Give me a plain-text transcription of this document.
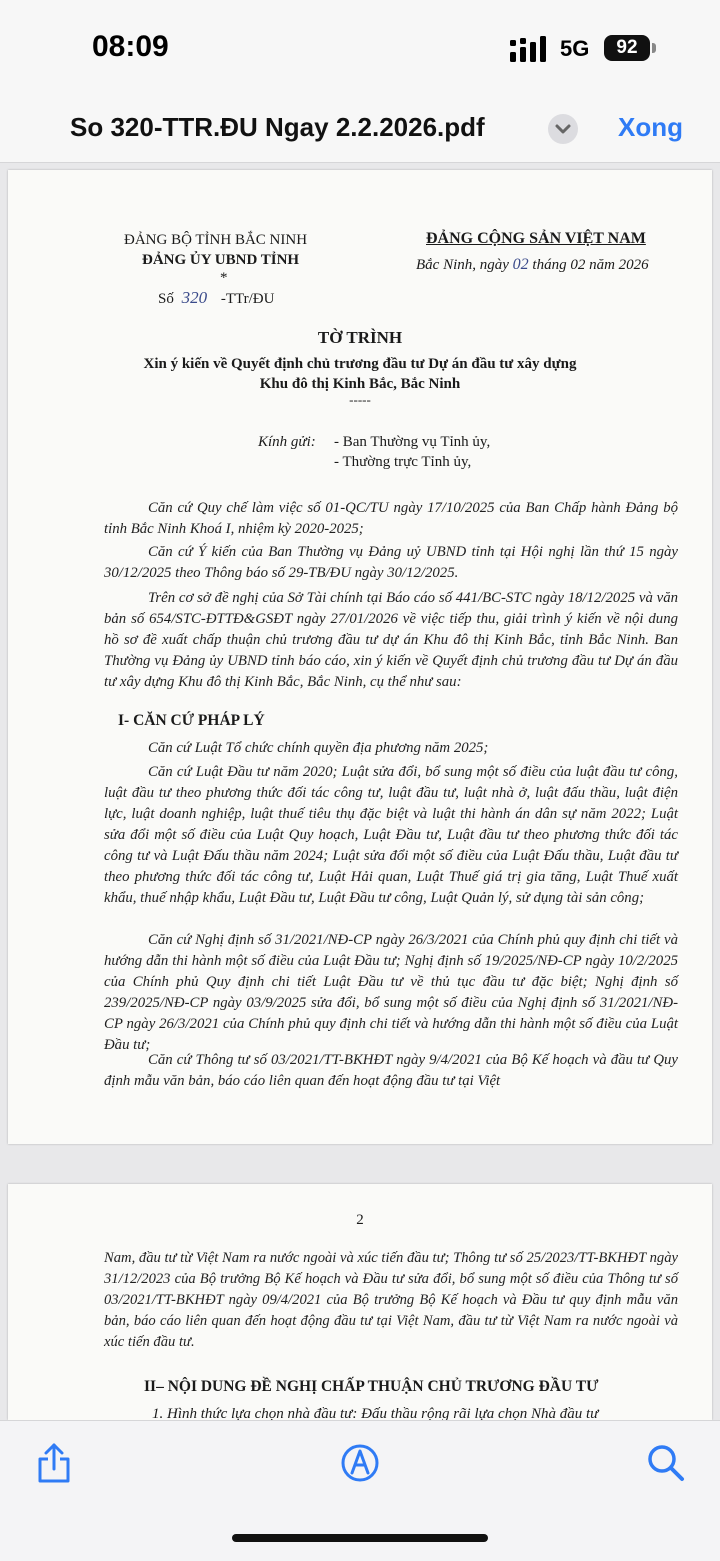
08:09	5G	92
So 320-TTR.ĐU Ngay 2.2.2026.pdf	Xong
ĐẢNG BỘ TỈNH BẮC NINH
ĐẢNG ỦY UBND TỈNH
*
Số 320 -TTr/ĐU
ĐẢNG CỘNG SẢN VIỆT NAM
Bắc Ninh, ngày 02 tháng 02 năm 2026
TỜ TRÌNH
Xin ý kiến về Quyết định chủ trương đầu tư Dự án đầu tư xây dựng
Khu đô thị Kinh Bắc, Bắc Ninh
-----
Kính gửi: - Ban Thường vụ Tỉnh ủy,
- Thường trực Tỉnh ủy,
Căn cứ Quy chế làm việc số 01-QC/TU ngày 17/10/2025 của Ban Chấp hành Đảng bộ tỉnh Bắc Ninh Khoá I, nhiệm kỳ 2020-2025;
Căn cứ Ý kiến của Ban Thường vụ Đảng uỷ UBND tỉnh tại Hội nghị lần thứ 15 ngày 30/12/2025 theo Thông báo số 29-TB/ĐU ngày 30/12/2025.
Trên cơ sở đề nghị của Sở Tài chính tại Báo cáo số 441/BC-STC ngày 18/12/2025 và văn bản số 654/STC-ĐTTĐ&GSĐT ngày 27/01/2026 về việc tiếp thu, giải trình ý kiến về nội dung hồ sơ đề xuất chấp thuận chủ trương đầu tư dự án Khu đô thị Kinh Bắc, tỉnh Bắc Ninh. Ban Thường vụ Đảng ủy UBND tỉnh báo cáo, xin ý kiến về Quyết định chủ trương đầu tư Dự án đầu tư xây dựng Khu đô thị Kinh Bắc, Bắc Ninh, cụ thể như sau:
I- CĂN CỨ PHÁP LÝ
Căn cứ Luật Tổ chức chính quyền địa phương năm 2025;
Căn cứ Luật Đầu tư năm 2020; Luật sửa đổi, bổ sung một số điều của luật đầu tư công, luật đầu tư theo phương thức đối tác công tư, luật đầu tư, luật nhà ở, luật đấu thầu, luật điện lực, luật doanh nghiệp, luật thuế tiêu thụ đặc biệt và luật thi hành án dân sự năm 2022; Luật sửa đổi một số điều của Luật Quy hoạch, Luật Đầu tư, Luật đầu tư theo phương thức đối tác công tư và Luật Đấu thầu năm 2024; Luật sửa đổi một số điều của Luật Đấu thầu, Luật đầu tư theo phương thức đối tác công tư, Luật Hải quan, Luật Thuế giá trị gia tăng, Luật Thuế xuất khẩu, thuế nhập khẩu, Luật Đầu tư, Luật Đầu tư công, Luật Quản lý, sử dụng tài sản công;
Căn cứ Nghị định số 31/2021/NĐ-CP ngày 26/3/2021 của Chính phủ quy định chi tiết và hướng dẫn thi hành một số điều của Luật Đầu tư; Nghị định số 19/2025/NĐ-CP ngày 10/2/2025 của Chính phủ Quy định chi tiết Luật Đầu tư về thủ tục đầu tư đặc biệt; Nghị định số 239/2025/NĐ-CP ngày 03/9/2025 sửa đổi, bổ sung một số điều của Nghị định số 31/2021/NĐ-CP ngày 26/3/2021 của Chính phủ quy định chi tiết và hướng dẫn thi hành một số điều của Luật Đầu tư;
Căn cứ Thông tư số 03/2021/TT-BKHĐT ngày 9/4/2021 của Bộ Kế hoạch và đầu tư Quy định mẫu văn bản, báo cáo liên quan đến hoạt động đầu tư tại Việt
2
Nam, đầu tư từ Việt Nam ra nước ngoài và xúc tiến đầu tư; Thông tư số 25/2023/TT-BKHĐT ngày 31/12/2023 của Bộ trưởng Bộ Kế hoạch và Đầu tư sửa đổi, bổ sung một số điều của Thông tư số 03/2021/TT-BKHĐT ngày 09/4/2021 của Bộ trưởng Bộ Kế hoạch và Đầu tư quy định mẫu văn bản, báo cáo liên quan đến hoạt động đầu tư tại Việt Nam, đầu tư từ Việt Nam ra nước ngoài và xúc tiến đầu tư.
II– NỘI DUNG ĐỀ NGHỊ CHẤP THUẬN CHỦ TRƯƠNG ĐẦU TƯ
1. Hình thức lựa chọn nhà đầu tư: Đấu thầu rộng rãi lựa chọn Nhà đầu tư
